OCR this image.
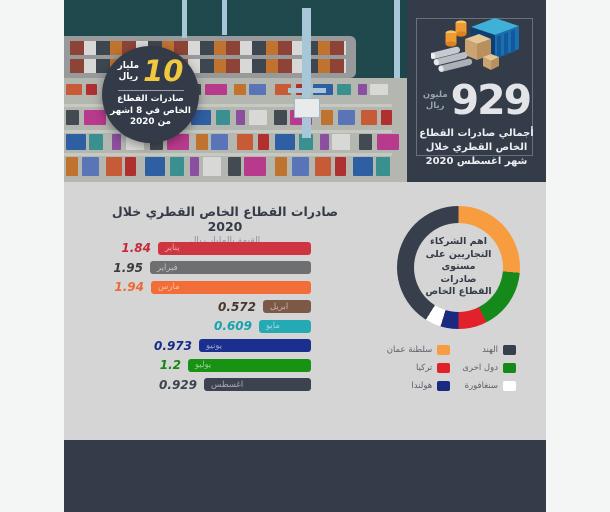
10
مليار
ريال
صادرات القطاع
الخاص في 8 اشهر
من 2020	929
مليون
ريال
أجمالي صادرات القطاع
الخاص القطري خلال
شهر اغسطس 2020
صادرات القطاع الخاص القطري خلال 2020
يناير
1.84
فبراير
1.95
مارس
1.94
ابريل
0.572
مايو
0.609
يونيو
0.973
يوليو
1.2
اغسطس
0.929
اهم الشركاء
التجاريين على
مستوى
صادرات
القطاع الخاص
الهند
دول اخرى
سنغافورة
سلطنة عمان
تركيا
هولندا
